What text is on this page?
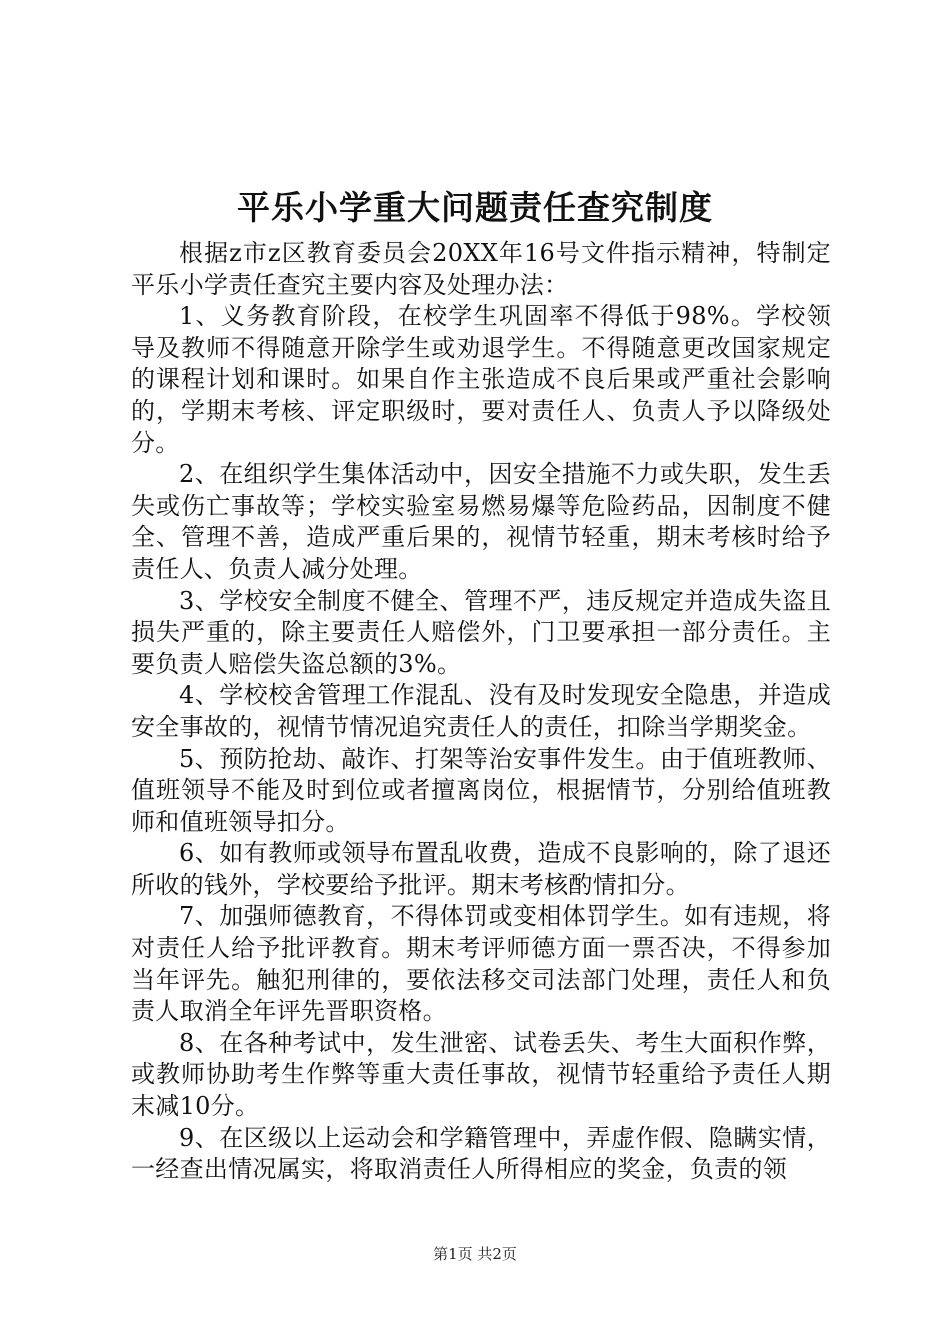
平乐小学重大问题责任查究制度

根据z市z区教育委员会20XX年16号文件指示精神，特制定平乐小学责任查究主要内容及处理办法：

1、义务教育阶段，在校学生巩固率不得低于98%。学校领导及教师不得随意开除学生或劝退学生。不得随意更改国家规定的课程计划和课时。如果自作主张造成不良后果或严重社会影响的，学期末考核、评定职级时，要对责任人、负责人予以降级处分。

2、在组织学生集体活动中，因安全措施不力或失职，发生丢失或伤亡事故等；学校实验室易燃易爆等危险药品，因制度不健全、管理不善，造成严重后果的，视情节轻重，期末考核时给予责任人、负责人减分处理。

3、学校安全制度不健全、管理不严，违反规定并造成失盗且损失严重的，除主要责任人赔偿外，门卫要承担一部分责任。主要负责人赔偿失盗总额的3%。

4、学校校舍管理工作混乱、没有及时发现安全隐患，并造成安全事故的，视情节情况追究责任人的责任，扣除当学期奖金。

5、预防抢劫、敲诈、打架等治安事件发生。由于值班教师、值班领导不能及时到位或者擅离岗位，根据情节，分别给值班教师和值班领导扣分。

6、如有教师或领导布置乱收费，造成不良影响的，除了退还所收的钱外，学校要给予批评。期末考核酌情扣分。

7、加强师德教育，不得体罚或变相体罚学生。如有违规，将对责任人给予批评教育。期末考评师德方面一票否决，不得参加当年评先。触犯刑律的，要依法移交司法部门处理，责任人和负责人取消全年评先晋职资格。

8、在各种考试中，发生泄密、试卷丢失、考生大面积作弊，或教师协助考生作弊等重大责任事故，视情节轻重给予责任人期末减10分。

9、在区级以上运动会和学籍管理中，弄虚作假、隐瞒实情，一经查出情况属实，将取消责任人所得相应的奖金，负责的领

第1页 共2页
